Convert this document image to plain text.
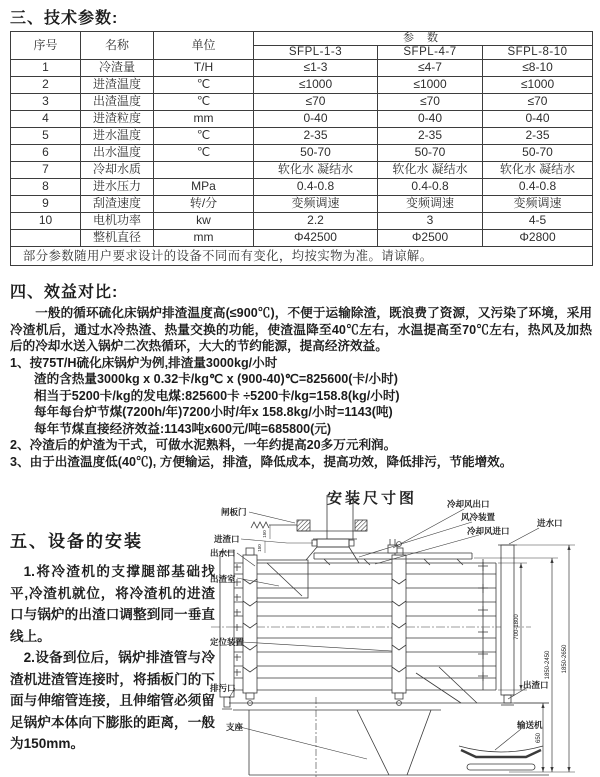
三、技术参数:
序号	名称	单位	参 数		
			SFPL-1-3	SFPL-4-7	SFPL-8-10
1	冷渣量	T/H	≤1-3	≤4-7	≤8-10
2	进渣温度	℃	≤1000	≤1000	≤1000
3	出渣温度	℃	≤70	≤70	≤70
4	进渣粒度	mm	0-40	0-40	0-40
5	进水温度	℃	2-35	2-35	2-35
6	出水温度	℃	50-70	50-70	50-70
7	冷却水质		软化水 凝结水	软化水 凝结水	软化水 凝结水
8	进水压力	MPa	0.4-0.8	0.4-0.8	0.4-0.8
9	刮渣速度	转/分	变频调速	变频调速	变频调速
10	电机功率	kw	2.2	3	4-5
	整机直径	mm	Φ42500	Φ2500	Φ2800
部分参数随用户要求设计的设备不同而有变化，均按实物为准。请谅解。					
四、效益对比:

一般的循环硫化床锅炉排渣温度高(≤900℃)，不便于运输除渣，既浪费了资源，又污染了环境，采用冷渣机后，通过水冷热渣、热量交换的功能，使渣温降至40℃左右，水温提高至70℃左右，热风及加热后的冷却水送入锅炉二次热循环，大大的节约能源，提高经济效益。

1、按75T/H硫化床锅炉为例,排渣量3000kg/小时

渣的含热量3000kg x 0.32卡/kg℃ x (900-40)℃=825600(卡/小时)

相当于5200卡/kg的发电煤:825600卡 ÷5200卡/kg=158.8(kg/小时)

每年每台炉节煤(7200h/年)7200小时/年x 158.8kg/小时=1143(吨)

每年节煤直接经济效益:1143吨x600元/吨=685800(元)

2、冷渣后的炉渣为干式，可做水泥熟料，一年约提高20多万元利润。

3、由于出渣温度低(40℃), 方便输运，排渣，降低成本，提高功效，降低排污，节能增效。

五、设备的安装

1.将冷渣机的支撑腿部基础找平,冷渣机就位，将冷渣机的进渣口与锅炉的出渣口调整到同一垂直线上。

2.设备到位后，锅炉排渣管与冷渣机进渣管连接时，将插板门的下面与伸缩管连接，且伸缩管必须留足锅炉本体向下膨胀的距离，一般为150mm。

安装尺寸图
闸板门
进渣口
出水口
出渣室
定位装置
排污口
支座
冷却风出口
风冷装置
冷却风进口
进水口
出渣口
输送机
700-1800
650
1850-2450 1850-2650
150
150
